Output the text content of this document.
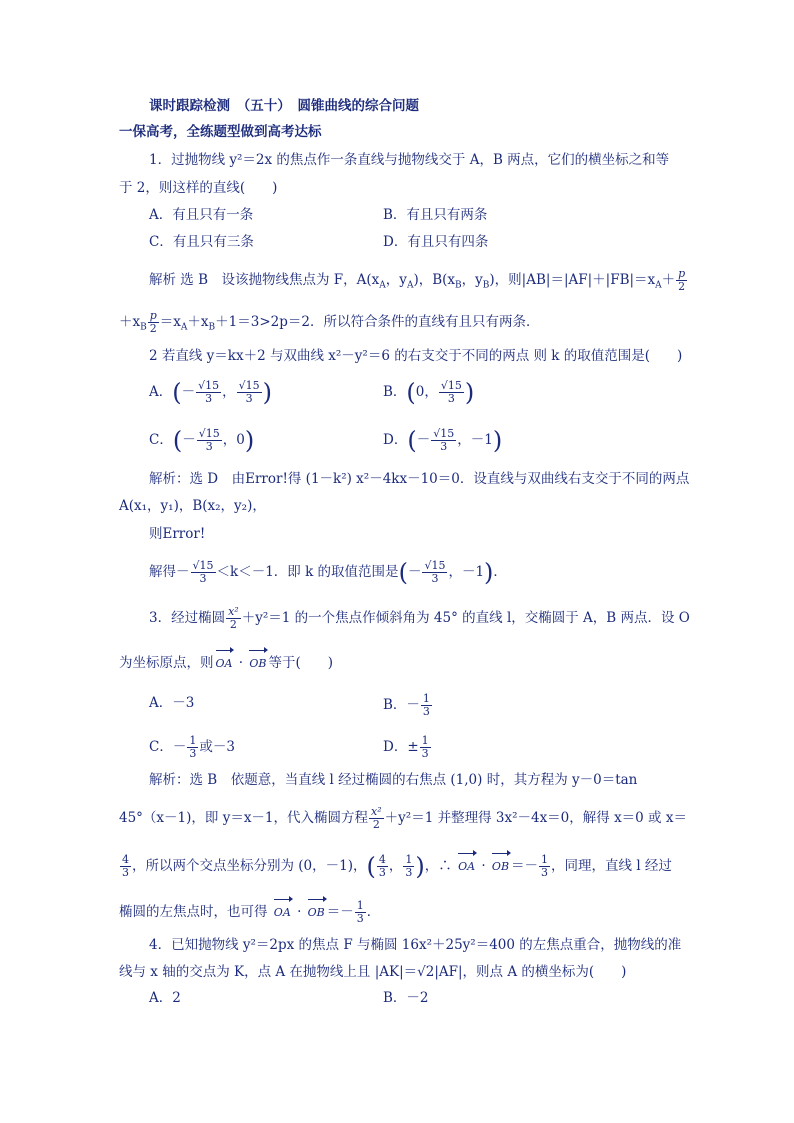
课时跟踪检测　（五十）　圆锥曲线的综合问题
一保高考，全练题型做到高考达标
1．过抛物线 y²＝2x 的焦点作一条直线与抛物线交于 A，B 两点，它们的横坐标之和等
于 2，则这样的直线(　　)
A．有且只有一条	B．有且只有两条
C．有且只有三条	D．有且只有四条
解析 选 B　设该抛物线焦点为 F，$A(x_A$，$y_A$)，$B(x_B$，$y_B$)，则$|AB|=|AF|+|FB|=x_A+ \frac{p}{2}$
$+x_B \frac{p}{2} =x_A+x_B+1=3>2p=2$．所以符合条件的直线有且只有两条．
2 若直线 y＝kx＋2 与双曲线 x²－y²＝6 的右支交于不同的两点 则 k 的取值范围是(　　)
A．(－ $\frac{√15}{3}$ ， $\frac{√15}{3}$ )	B．(0， $\frac{√15}{3}$ )
C．(－ $\frac{√15}{3}$ ，0)	D．(－ $\frac{√15}{3}$ ，－1)
解析：选 D　由Error!得 (1－k²) x²－4kx－10＝0．设直线与双曲线右支交于不同的两点
A(x₁，y₁)，B(x₂，y₂)，
则Error!
解得－ $\frac{√15}{3} <k<-1$．即 k 的取值范围是(－ $\frac{√15}{3}$ ，－1)．
3．经过椭圆 $\frac{\text{x²}}{2} +y^2=1$ 的一个焦点作倾斜角为 45° 的直线 l，交椭圆于 A，B 两点．设 O
为坐标原点，则 OA · OB 等于(　　)
A．－3	B．－ $\frac{1}{3}$
C．－ $\frac{1}{3}$ 或－3	D．± $\frac{1}{3}$
解析：选 B　依题意，当直线 l 经过椭圆的右焦点 (1,0) 时，其方程为 y－0＝tan
45°（x－1)，即 y＝x－1，代入椭圆方程 $\frac{\text{x²}}{2} +y^2=1$ 并整理得 3x²－4x＝0，解得 x＝0 或 x＝
$\frac{4}{3}$ ，所以两个交点坐标分别为 (0，－1)，( $\frac{4}{3}$ ， $\frac{1}{3}$ )，∴ OA · OB ＝－ $\frac{1}{3}$ ，同理，直线 l 经过
椭圆的左焦点时，也可得 OA · OB ＝－ $\frac{1}{3}$ ．
4．已知抛物线 y²＝2px 的焦点 F 与椭圆 16x²＋25y²＝400 的左焦点重合，抛物线的准
线与 x 轴的交点为 K，点 A 在抛物线上且 |AK|＝√2|AF|，则点 A 的横坐标为(　　)
A．2	B．－2
